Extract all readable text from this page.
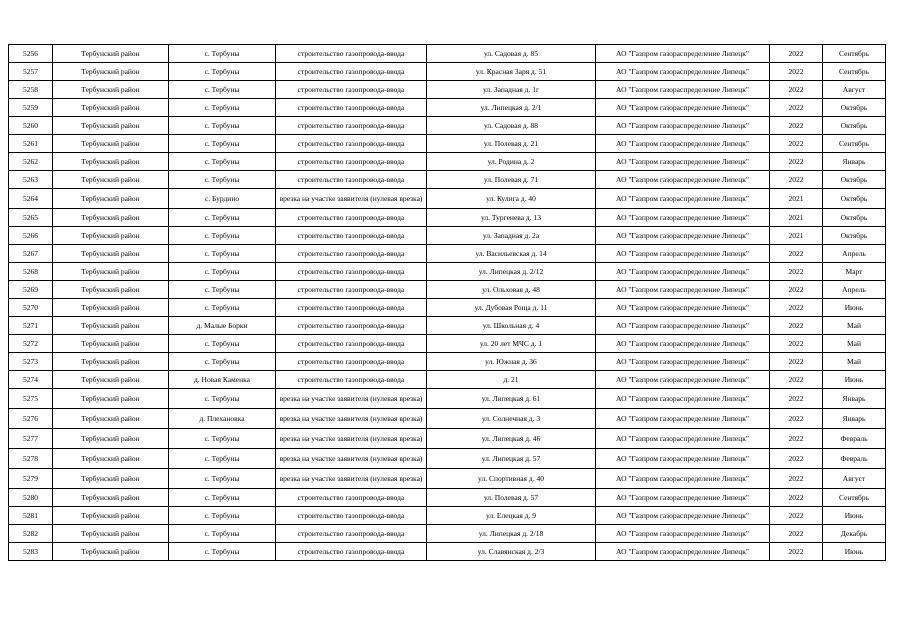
5256	Тербунский район	с. Тербуны	строительство газопровода-ввода	ул. Садовая д. 85	АО "Газпром газораспределение Липецк"	2022	Сентябрь
5257	Тербунский район	с. Тербуны	строительство газопровода-ввода	ул. Красная Заря д. 51	АО "Газпром газораспределение Липецк"	2022	Сентябрь
5258	Тербунский район	с. Тербуны	строительство газопровода-ввода	ул. Западная д. 1г	АО "Газпром газораспределение Липецк"	2022	Август
5259	Тербунский район	с. Тербуны	строительство газопровода-ввода	ул. Липецкая д. 2/1	АО "Газпром газораспределение Липецк"	2022	Октябрь
5260	Тербунский район	с. Тербуны	строительство газопровода-ввода	ул. Садовая д. 88	АО "Газпром газораспределение Липецк"	2022	Октябрь
5261	Тербунский район	с. Тербуны	строительство газопровода-ввода	ул. Полевая д. 21	АО "Газпром газораспределение Липецк"	2022	Сентябрь
5262	Тербунский район	с. Тербуны	строительство газопровода-ввода	ул. Родина д. 2	АО "Газпром газораспределение Липецк"	2022	Январь
5263	Тербунский район	с. Тербуны	строительство газопровода-ввода	ул. Полевая д. 71	АО "Газпром газораспределение Липецк"	2022	Октябрь
5264	Тербунский район	с. Бурдино	врезка на участке заявителя (нулевая врезка)	ул. Кулига д. 40	АО "Газпром газораспределение Липецк"	2021	Октябрь
5265	Тербунский район	с. Тербуны	строительство газопровода-ввода	ул. Тургенева д. 13	АО "Газпром газораспределение Липецк"	2021	Октябрь
5266	Тербунский район	с. Тербуны	строительство газопровода-ввода	ул. Западная д. 2а	АО "Газпром газораспределение Липецк"	2021	Октябрь
5267	Тербунский район	с. Тербуны	строительство газопровода-ввода	ул. Васильевская д. 14	АО "Газпром газораспределение Липецк"	2022	Апрель
5268	Тербунский район	с. Тербуны	строительство газопровода-ввода	ул. Липецкая д. 2/12	АО "Газпром газораспределение Липецк"	2022	Март
5269	Тербунский район	с. Тербуны	строительство газопровода-ввода	ул. Ольховая д. 48	АО "Газпром газораспределение Липецк"	2022	Апрель
5270	Тербунский район	с. Тербуны	строительство газопровода-ввода	ул. Дубовая Роща д. 11	АО "Газпром газораспределение Липецк"	2022	Июнь
5271	Тербунский район	д. Малые Борки	строительство газопровода-ввода	ул. Школьная д. 4	АО "Газпром газораспределение Липецк"	2022	Май
5272	Тербунский район	с. Тербуны	строительство газопровода-ввода	ул. 20 лет МЧС д. 1	АО "Газпром газораспределение Липецк"	2022	Май
5273	Тербунский район	с. Тербуны	строительство газопровода-ввода	ул. Южная д. 36	АО "Газпром газораспределение Липецк"	2022	Май
5274	Тербунский район	д. Новая Каменка	строительство газопровода-ввода	д. 21	АО "Газпром газораспределение Липецк"	2022	Июнь
5275	Тербунский район	с. Тербуны	врезка на участке заявителя (нулевая врезка)	ул. Липецкая д. 61	АО "Газпром газораспределение Липецк"	2022	Январь
5276	Тербунский район	д. Плехановка	врезка на участке заявителя (нулевая врезка)	ул. Солнечная д. 3	АО "Газпром газораспределение Липецк"	2022	Январь
5277	Тербунский район	с. Тербуны	врезка на участке заявителя (нулевая врезка)	ул. Липецкая д. 46	АО "Газпром газораспределение Липецк"	2022	Февраль
5278	Тербунский район	с. Тербуны	врезка на участке заявителя (нулевая врезка)	ул. Липецкая д. 57	АО "Газпром газораспределение Липецк"	2022	Февраль
5279	Тербунский район	с. Тербуны	врезка на участке заявителя (нулевая врезка)	ул. Спортивная д. 40	АО "Газпром газораспределение Липецк"	2022	Август
5280	Тербунский район	с. Тербуны	строительство газопровода-ввода	ул. Полевая д. 57	АО "Газпром газораспределение Липецк"	2022	Сентябрь
5281	Тербунский район	с. Тербуны	строительство газопровода-ввода	ул. Елецкая д. 9	АО "Газпром газораспределение Липецк"	2022	Июнь
5282	Тербунский район	с. Тербуны	строительство газопровода-ввода	ул. Липецкая д. 2/18	АО "Газпром газораспределение Липецк"	2022	Декабрь
5283	Тербунский район	с. Тербуны	строительство газопровода-ввода	ул. Славянская д. 2/3	АО "Газпром газораспределение Липецк"	2022	Июнь
